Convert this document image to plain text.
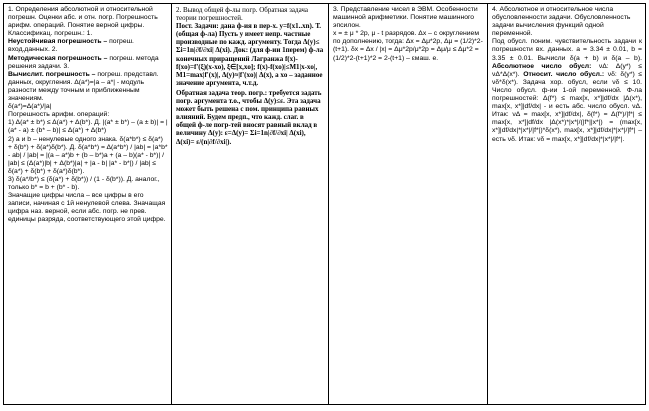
1. Определения абсолютной и относительной погрешн. Оценки абс. и отн. погр. Погрешность арифм. операций. Понятие верной цифры.
Классификац. погрешн.: 1.
Неустойчивая погрешность – погреш. вход.данных. 2.
Методическая погрешность – погреш. метода решения задачи. 3.
Вычислит. погрешность – погреш. представл. данных, округления. Δ(а*)=|а – а*| - модуль разности между точным и приближенным значениям.
δ(а*)=Δ(а*)/|а|
Погрешность арифм. операций:
1) Δ(а* ± b*) ≤ Δ(а*) + Δ(b*). Д. |(a* ± b*) – (a ± b)| = |(a* - a) ± (b* – b)| ≤ Δ(a*) + Δ(b*)
2) a и b – ненулевые одного знака. δ(a*b*) ≤ δ(a*) + δ(b*) + δ(a*)δ(b*). Д. δ(a*b*) = Δ(a*b*) / |ab| = |a*b* - ab| / |ab| = |(a – a*)b + (b – b*)a + (a – b)(a* - b*)| / |ab| ≤ (Δ(a*)|b| + Δ(b*)|a| + |a - b| |a* - b*|) / |ab| ≤ δ(a*) + δ(b*) + δ(a*)δ(b*).
3) δ(a*/b*) ≤ (δ(a*) + δ(b*)) / (1 - δ(b*)). Д. аналог., только b* = b + (b* - b).
Значащие цифры числа – все цифры в его записи, начиная с 1й ненулевой слева. Значащая цифра наз. верной, если абс. погр. не прев. единицы разряда, соответствующего этой цифре.
2. Вывод общей ф-лы погр. Обратная задача теории погрешностей.
Пост. Задачи: дана ф-ия в пер-х. y=f(x1..xn). Т.(общая ф-ла) Пусть у имеет непр. частные производные по кажд. аргументу. Тогда Δ(у)≤ Σi=1n|∂f/∂xi| Δ(xi). Док: (для ф-ии 1перем) ф-ла конечных приращений Лагранжа f(x)-f(xo)=f'(ξ)(x-xo), ξ∈[x,xo]; f(x)-f(xo)|≤M1|x-xo|, M1=max|f'(x)|, Δ(y)≈|f'(xo)| Δ(x), a xo – заданное значение аргумента, ч.т.д.
Обратная задача теор. погр.: требуется задать погр. аргумента т.о., чтобы Δ(y)≤ε. Эта задача может быть решена с пом. принципа равных влияний. Будем предп., что кажд. слаг. в общей ф-ле погр-тей вносят равный вклад в величину Δ(y): ε=Δ(y)= Σi=1n|∂f/∂xi| Δ(xi), Δ(xi)= ε/(n|∂f/∂xi|).
3. Представление чисел в ЭВМ. Особенности машинной арифметики. Понятие машинного эпсилон.
x = ± μ * 2p, μ - t разрядов. Δx – с округлением по дополнению, тогда: Δx = Δμ*2p, Δμ = (1/2)*2-(t+1). δx = Δx / |x| = Δμ*2p/μ*2p = Δμ/μ ≤ Δμ*2 = (1/2)*2-(t+1)*2 = 2-(t+1) – εмаш. е.
4. Абсолютное и относительное числа обусловленности задачи. Обусловленность задачи вычисления функций одной переменной.
Под обусл. поним. чувствительность задачи к погрешности вх. данных. а = 3.34 ± 0.01, b = 3.35 ± 0.01. Вычисли δ(a + b) и δ(a – b). Абсолютное число обусл: νΔ: Δ(y*) ≤ νΔ*Δ(x*). Относит. число обусл.: νδ: δ(y*) ≤ νδ*δ(x*). Задача хор. обусл, если νδ ≤ 10. Число обусл. ф-ии 1-ой переменной. Ф-ла погрешностей: Δ(f*) ≤ max[x, x*]|df/dx |Δ(x*), max[x, x*]|df/dx| - и есть абс. число обусл. νΔ. Итак: νΔ = max[x, x*]|df/dx|, δ(f*) = Δ(f*)/|f*| ≤ max[x, x*]|df/dx |Δ(x*)*|x*|/(|f*||x*|) = (max[x, x*]|df/dx|*|x*|/|f*|)*δ(x*), max[x, x*]|df/dx|*|x*|/|f*| – есть νδ. Итак: νδ = max[x, x*]|df/dx|*|x*|/|f*|.
